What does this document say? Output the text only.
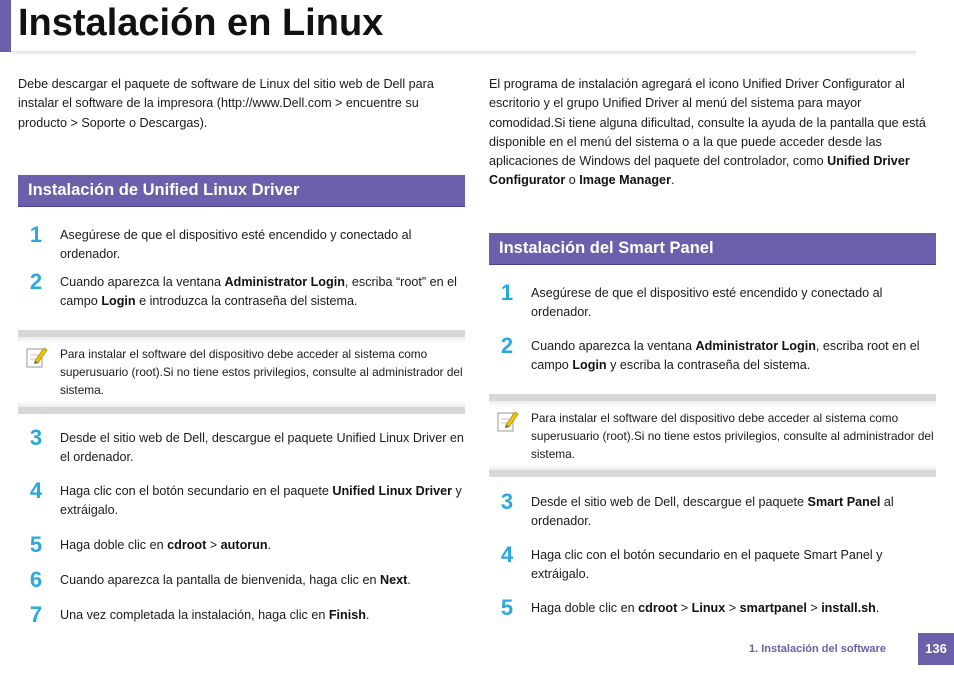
Instalación en Linux

Debe descargar el paquete de software de Linux del sitio web de Dell para instalar el software de la impresora (http://www.Dell.com > encuentre su producto > Soporte o Descargas).

Instalación de Unified Linux Driver
1	Asegúrese de que el dispositivo esté encendido y conectado al ordenador.
2	Cuando aparezca la ventana Administrator Login, escriba “root” en el campo Login e introduzca la contraseña del sistema.
Para instalar el software del dispositivo debe acceder al sistema como superusuario (root).Si no tiene estos privilegios, consulte al administrador del sistema.
3	Desde el sitio web de Dell, descargue el paquete Unified Linux Driver en el ordenador.
4	Haga clic con el botón secundario en el paquete Unified Linux Driver y extráigalo.
5	Haga doble clic en cdroot > autorun.
6	Cuando aparezca la pantalla de bienvenida, haga clic en Next.
7	Una vez completada la instalación, haga clic en Finish.

El programa de instalación agregará el icono Unified Driver Configurator al escritorio y el grupo Unified Driver al menú del sistema para mayor comodidad.Si tiene alguna dificultad, consulte la ayuda de la pantalla que está disponible en el menú del sistema o a la que puede acceder desde las aplicaciones de Windows del paquete del controlador, como Unified Driver Configurator o Image Manager.

Instalación del Smart Panel
1	Asegúrese de que el dispositivo esté encendido y conectado al ordenador.
2	Cuando aparezca la ventana Administrator Login, escriba root en el campo Login y escriba la contraseña del sistema.
Para instalar el software del dispositivo debe acceder al sistema como superusuario (root).Si no tiene estos privilegios, consulte al administrador del sistema.
3	Desde el sitio web de Dell, descargue el paquete Smart Panel al ordenador.
4	Haga clic con el botón secundario en el paquete Smart Panel y extráigalo.
5	Haga doble clic en cdroot > Linux > smartpanel > install.sh.
1. Instalación del software	136
